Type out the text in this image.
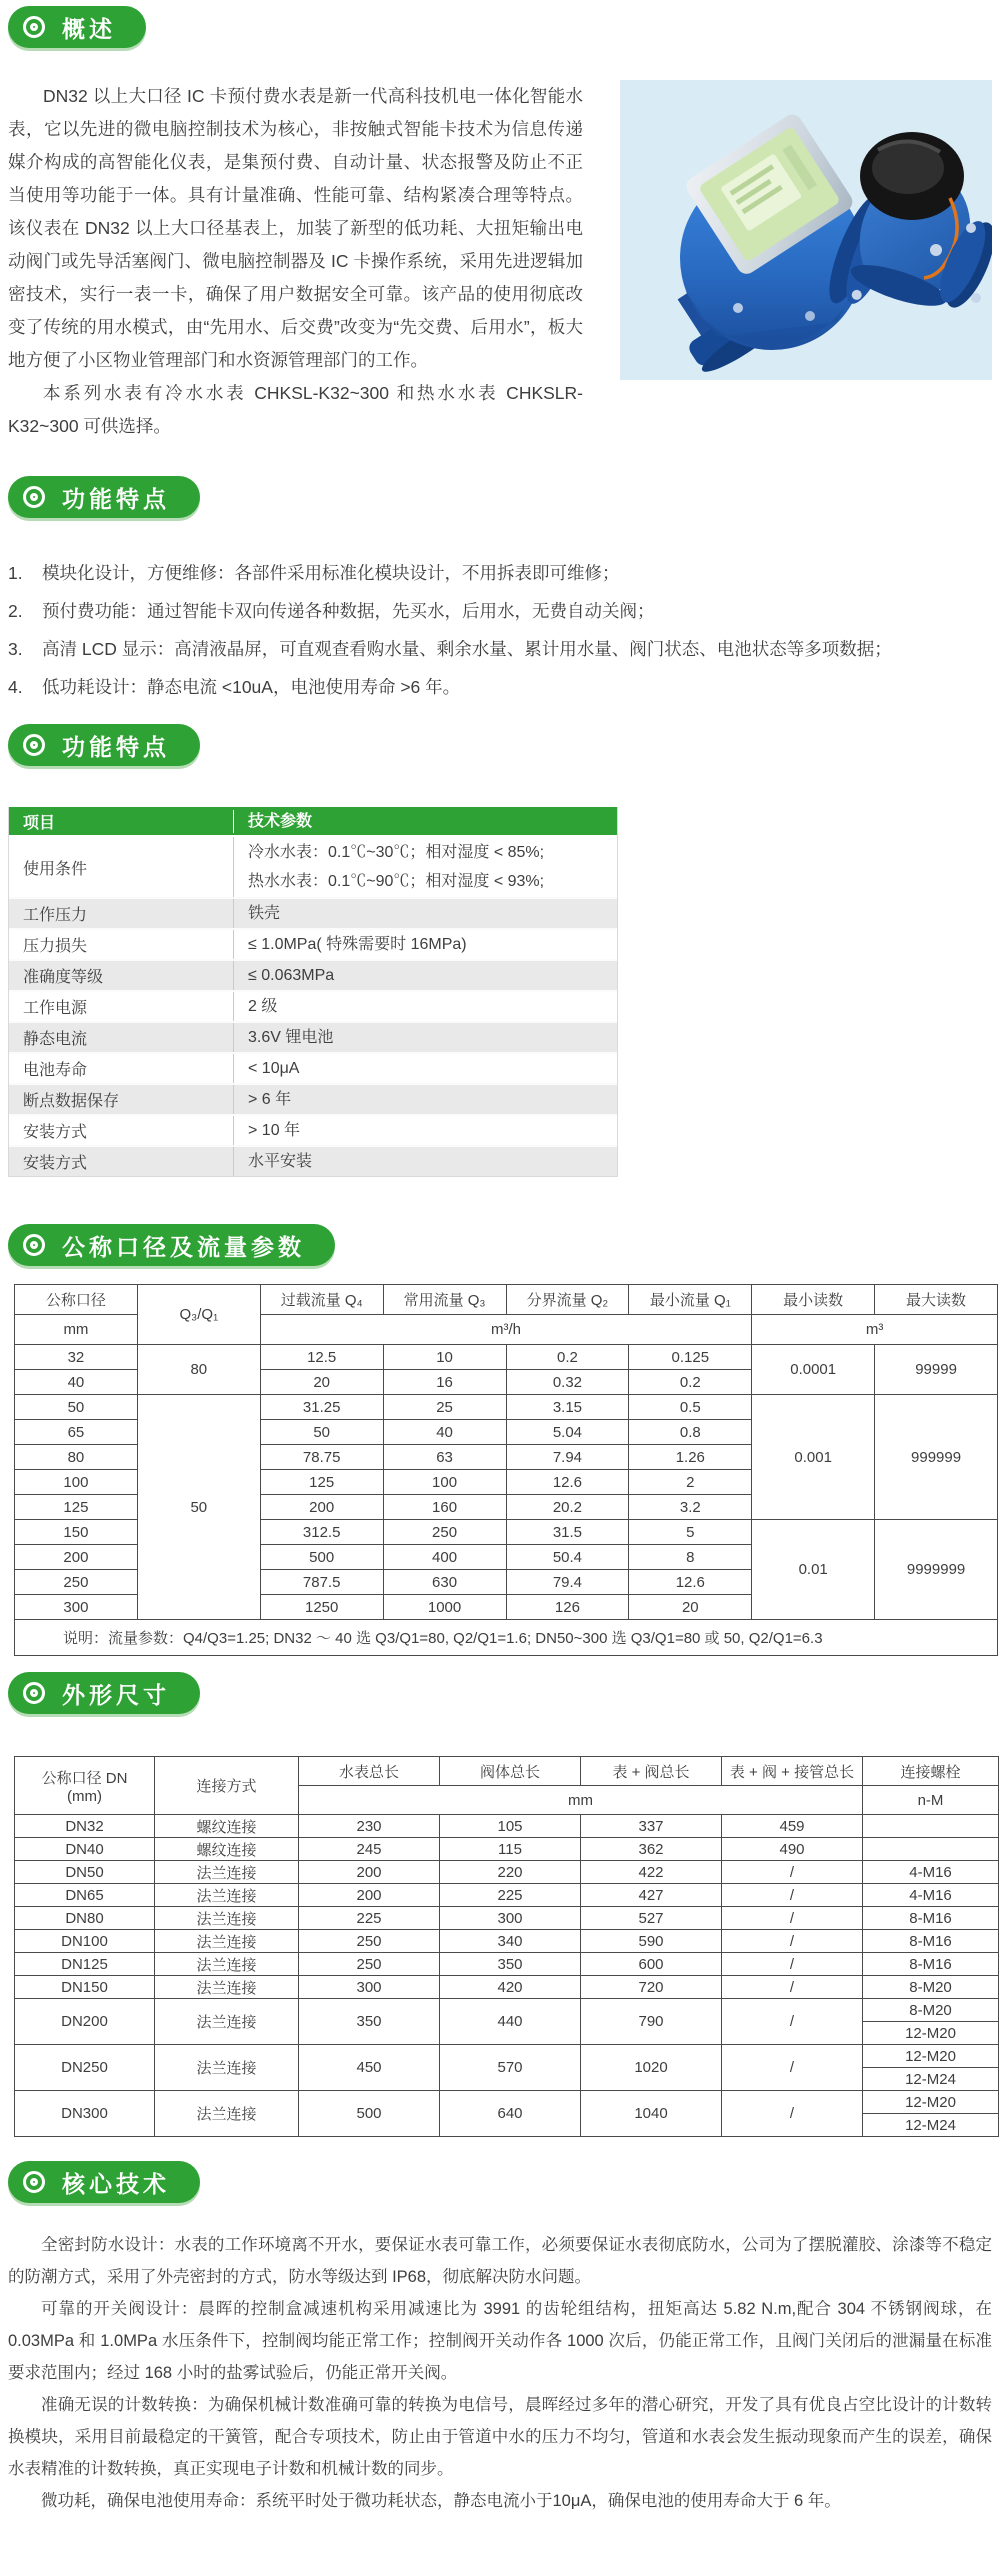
概述

DN32 以上大口径 IC 卡预付费水表是新一代高科技机电一体化智能水表，它以先进的微电脑控制技术为核心，非按触式智能卡技术为信息传递媒介构成的高智能化仪表，是集预付费、自动计量、状态报警及防止不正当使用等功能于一体。具有计量准确、性能可靠、结构紧凑合理等特点。该仪表在 DN32 以上大口径基表上，加装了新型的低功耗、大扭矩输出电动阀门或先导活塞阀门、微电脑控制器及 IC 卡操作系统，采用先进逻辑加密技术，实行一表一卡，确保了用户数据安全可靠。该产品的使用彻底改变了传统的用水模式，由“先用水、后交费”改变为“先交费、后用水”，板大地方便了小区物业管理部门和水资源管理部门的工作。

本系列水表有冷水水表 CHKSL-K32~300 和热水水表 CHKSLR-K32~300 可供选择。

功能特点
1.	模块化设计，方便维修：各部件采用标准化模块设计，不用拆表即可维修；
2.	预付费功能：通过智能卡双向传递各种数据，先买水，后用水，无费自动关阀；
3.	高清 LCD 显示：高清液晶屏，可直观查看购水量、剩余水量、累计用水量、阀门状态、电池状态等多项数据；
4.	低功耗设计：静态电流 <10uA，电池使用寿命 >6 年。
功能特点
项目	技术参数
使用条件
冷水水表：0.1℃~30℃；相对湿度 < 85%;
热水水表：0.1℃~90℃；相对湿度 < 93%;
工作压力	铁壳
压力损失	≤ 1.0MPa( 特殊需要时 16MPa)
准确度等级	≤ 0.063MPa
工作电源	2 级
静态电流	3.6V 锂电池
电池寿命	< 10μA
断点数据保存	> 6 年
安装方式	> 10 年
安装方式	水平安装
公称口径及流量参数
公称口径	Q₃/Q₁	过载流量 Q₄	常用流量 Q₃	分界流量 Q₂	最小流量 Q₁	最小读数	最大读数
mm		m³/h				m³	
32	80	12.5	10	0.2	0.125	0.0001	99999
40		20	16	0.32	0.2		
50	50	31.25	25	3.15	0.5	0.001	999999
65		50	40	5.04	0.8		
80		78.75	63	7.94	1.26		
100		125	100	12.6	2		
125		200	160	20.2	3.2		
150		312.5	250	31.5	5	0.01	9999999
200		500	400	50.4	8		
250		787.5	630	79.4	12.6		
300		1250	1000	126	20		
说明：流量参数：Q4/Q3=1.25; DN32 ～ 40 选 Q3/Q1=80, Q2/Q1=1.6; DN50~300 选 Q3/Q1=80 或 50, Q2/Q1=6.3							
外形尺寸
公称口径 DN
(mm)	连接方式	水表总长	阀体总长	表 + 阀总长	表 + 阀 + 接管总长	连接螺栓
		mm				n-M
DN32	螺纹连接	230	105	337	459	
DN40	螺纹连接	245	115	362	490	
DN50	法兰连接	200	220	422	/	4-M16
DN65	法兰连接	200	225	427	/	4-M16
DN80	法兰连接	225	300	527	/	8-M16
DN100	法兰连接	250	340	590	/	8-M16
DN125	法兰连接	250	350	600	/	8-M16
DN150	法兰连接	300	420	720	/	8-M20
DN200	法兰连接	350	440	790	/	8-M20
						12-M20
DN250	法兰连接	450	570	1020	/	12-M20
						12-M24
DN300	法兰连接	500	640	1040	/	12-M20
						12-M24
核心技术

全密封防水设计：水表的工作环境离不开水，要保证水表可靠工作，必须要保证水表彻底防水，公司为了摆脱灌胶、涂漆等不稳定的防潮方式，采用了外壳密封的方式，防水等级达到 IP68，彻底解决防水问题。

可靠的开关阀设计：晨晖的控制盒减速机构采用减速比为 3991 的齿轮组结构，扭矩高达 5.82 N.m,配合 304 不锈钢阀球，在 0.03MPa 和 1.0MPa 水压条件下，控制阀均能正常工作；控制阀开关动作各 1000 次后，仍能正常工作，且阀门关闭后的泄漏量在标准要求范围内；经过 168 小时的盐雾试验后，仍能正常开关阀。

准确无误的计数转换：为确保机械计数准确可靠的转换为电信号，晨晖经过多年的潜心研究，开发了具有优良占空比设计的计数转换模块，采用目前最稳定的干簧管，配合专项技术，防止由于管道中水的压力不均匀，管道和水表会发生振动现象而产生的误差，确保水表精准的计数转换，真正实现电子计数和机械计数的同步。

微功耗，确保电池使用寿命：系统平时处于微功耗状态，静态电流小于10μA，确保电池的使用寿命大于 6 年。
